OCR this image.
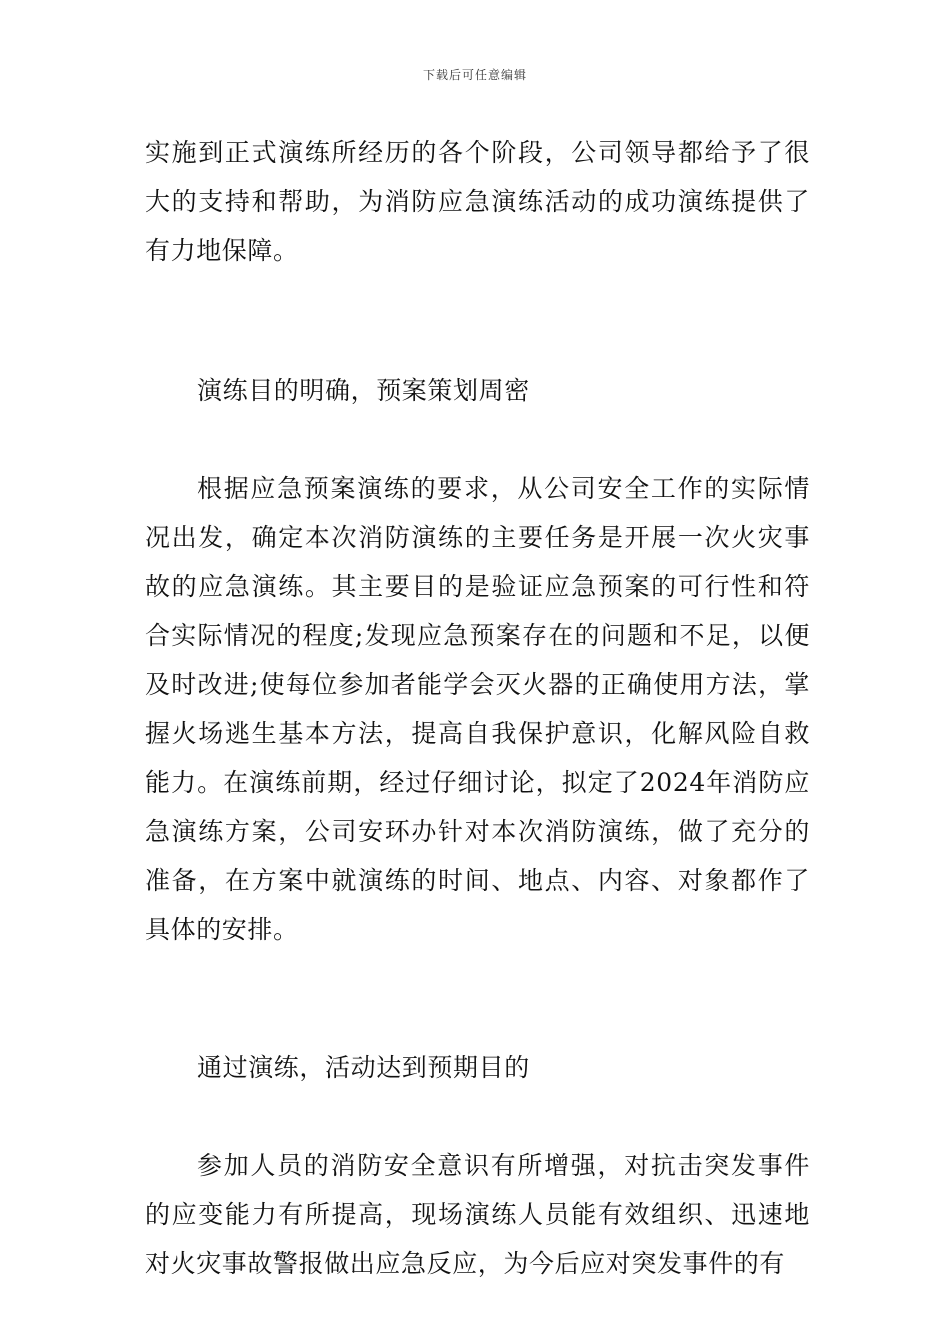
下载后可任意编辑

实施到正式演练所经历的各个阶段，公司领导都给予了很大的支持和帮助，为消防应急演练活动的成功演练提供了有力地保障。

演练目的明确，预案策划周密

根据应急预案演练的要求，从公司安全工作的实际情况出发，确定本次消防演练的主要任务是开展一次火灾事故的应急演练。其主要目的是验证应急预案的可行性和符合实际情况的程度;发现应急预案存在的问题和不足，以便及时改进;使每位参加者能学会灭火器的正确使用方法，掌握火场逃生基本方法，提高自我保护意识，化解风险自救能力。在演练前期，经过仔细讨论，拟定了2024年消防应急演练方案，公司安环办针对本次消防演练，做了充分的准备，在方案中就演练的时间、地点、内容、对象都作了具体的安排。

通过演练，活动达到预期目的

参加人员的消防安全意识有所增强，对抗击突发事件的应变能力有所提高，现场演练人员能有效组织、迅速地对火灾事故警报做出应急反应，为今后应对突发事件的有
